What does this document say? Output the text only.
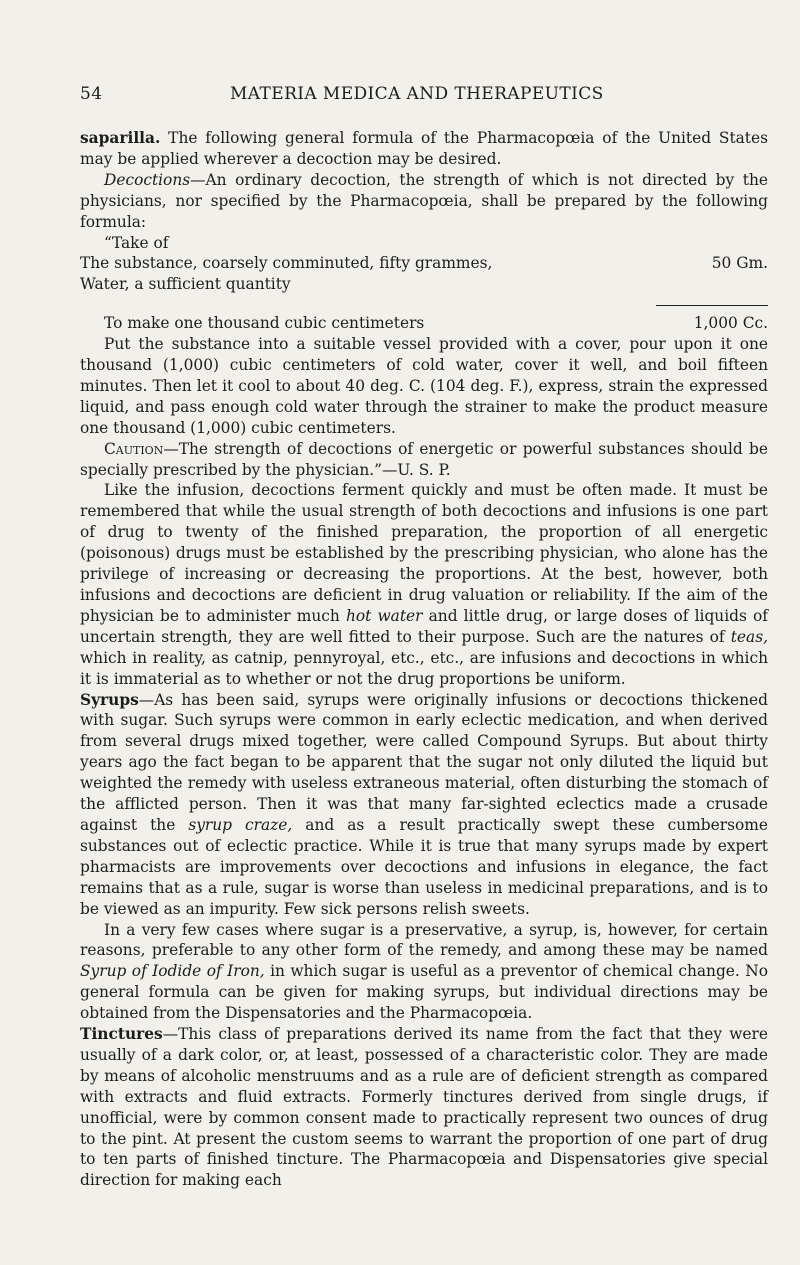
54	MATERIA MEDICA AND THERAPEUTICS

saparilla. The following general formula of the Pharmacopœia of the United States may be applied wherever a decoction may be desired.

Decoctions—An ordinary decoction, the strength of which is not directed by the physicians, nor specified by the Pharmacopœia, shall be prepared by the following formula:

“Take of
The substance, coarsely comminuted, fifty grammes,	50 Gm.
Water, a sufficient quantity
To make one thousand cubic centimeters	1,000 Cc.

Put the substance into a suitable vessel provided with a cover, pour upon it one thousand (1,000) cubic centimeters of cold water, cover it well, and boil fifteen minutes. Then let it cool to about 40 deg. C. (104 deg. F.), express, strain the expressed liquid, and pass enough cold water through the strainer to make the product measure one thousand (1,000) cubic centimeters.

Caution—The strength of decoctions of energetic or powerful substances should be specially prescribed by the physician.”—U. S. P.

Like the infusion, decoctions ferment quickly and must be often made. It must be remembered that while the usual strength of both decoctions and infusions is one part of drug to twenty of the finished preparation, the proportion of all energetic (poisonous) drugs must be established by the prescribing physician, who alone has the privilege of increasing or decreasing the proportions. At the best, however, both infusions and decoctions are deficient in drug valuation or reliability. If the aim of the physician be to administer much hot water and little drug, or large doses of liquids of uncertain strength, they are well fitted to their purpose. Such are the natures of teas, which in reality, as catnip, pennyroyal, etc., etc., are infusions and decoctions in which it is immaterial as to whether or not the drug proportions be uniform.

Syrups—As has been said, syrups were originally infusions or decoctions thickened with sugar. Such syrups were common in early eclectic medication, and when derived from several drugs mixed together, were called Compound Syrups. But about thirty years ago the fact began to be apparent that the sugar not only diluted the liquid but weighted the remedy with useless extraneous material, often disturbing the stomach of the afflicted person. Then it was that many far-sighted eclectics made a crusade against the syrup craze, and as a result practically swept these cumbersome substances out of eclectic practice. While it is true that many syrups made by expert pharmacists are improvements over decoctions and infusions in elegance, the fact remains that as a rule, sugar is worse than useless in medicinal preparations, and is to be viewed as an impurity. Few sick persons relish sweets.

In a very few cases where sugar is a preservative, a syrup, is, however, for certain reasons, preferable to any other form of the remedy, and among these may be named Syrup of Iodide of Iron, in which sugar is useful as a preventor of chemical change. No general formula can be given for making syrups, but individual directions may be obtained from the Dispensatories and the Pharmacopœia.

Tinctures—This class of preparations derived its name from the fact that they were usually of a dark color, or, at least, possessed of a characteristic color. They are made by means of alcoholic menstruums and as a rule are of deficient strength as compared with extracts and fluid extracts. Formerly tinctures derived from single drugs, if unofficial, were by common consent made to practically represent two ounces of drug to the pint. At present the custom seems to warrant the proportion of one part of drug to ten parts of finished tincture. The Pharmacopœia and Dispensatories give special direction for making each
